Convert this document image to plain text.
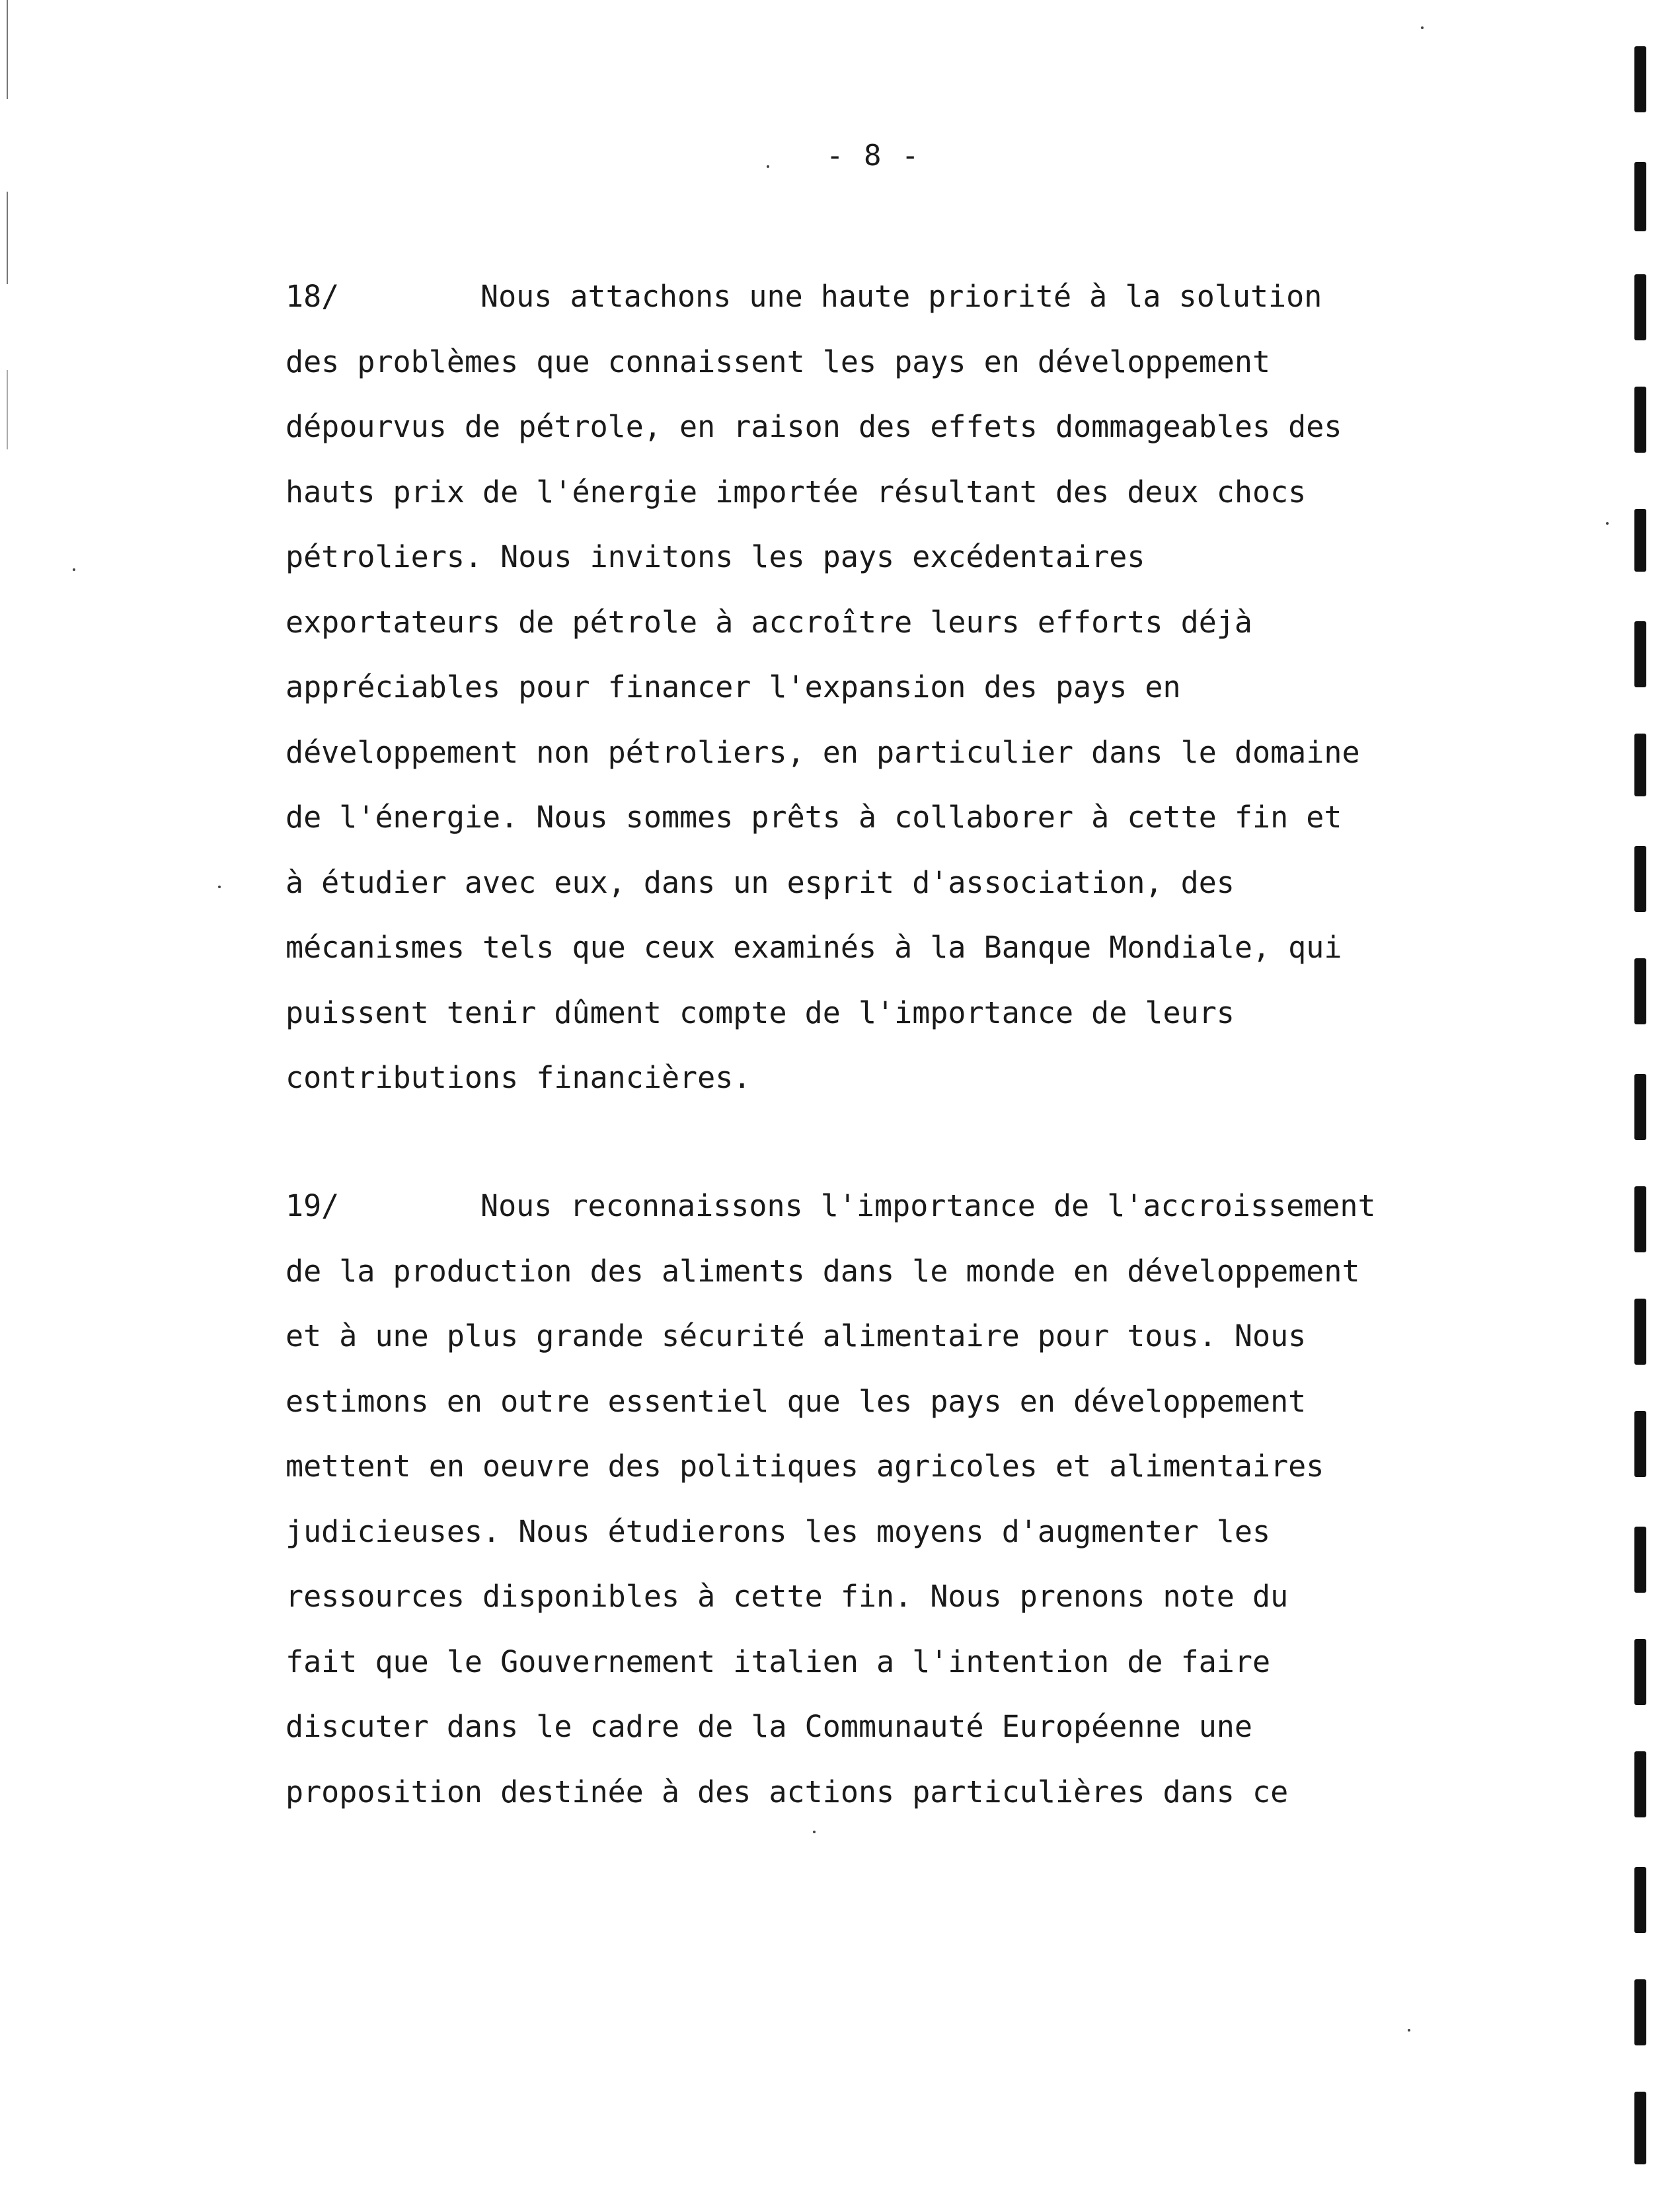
- 8 -
18/	Nous attachons une haute priorité à la solution
des problèmes que connaissent les pays en développement
dépourvus de pétrole, en raison des effets dommageables des
hauts prix de l'énergie importée résultant des deux chocs
pétroliers. Nous invitons les pays excédentaires
exportateurs de pétrole à accroître leurs efforts déjà
appréciables pour financer l'expansion des pays en
développement non pétroliers, en particulier dans le domaine
de l'énergie. Nous sommes prêts à collaborer à cette fin et
à étudier avec eux, dans un esprit d'association, des
mécanismes tels que ceux examinés à la Banque Mondiale, qui
puissent tenir dûment compte de l'importance de leurs
contributions financières.
19/	Nous reconnaissons l'importance de l'accroissement
de la production des aliments dans le monde en développement
et à une plus grande sécurité alimentaire pour tous. Nous
estimons en outre essentiel que les pays en développement
mettent en oeuvre des politiques agricoles et alimentaires
judicieuses. Nous étudierons les moyens d'augmenter les
ressources disponibles à cette fin. Nous prenons note du
fait que le Gouvernement italien a l'intention de faire
discuter dans le cadre de la Communauté Européenne une
proposition destinée à des actions particulières dans ce
